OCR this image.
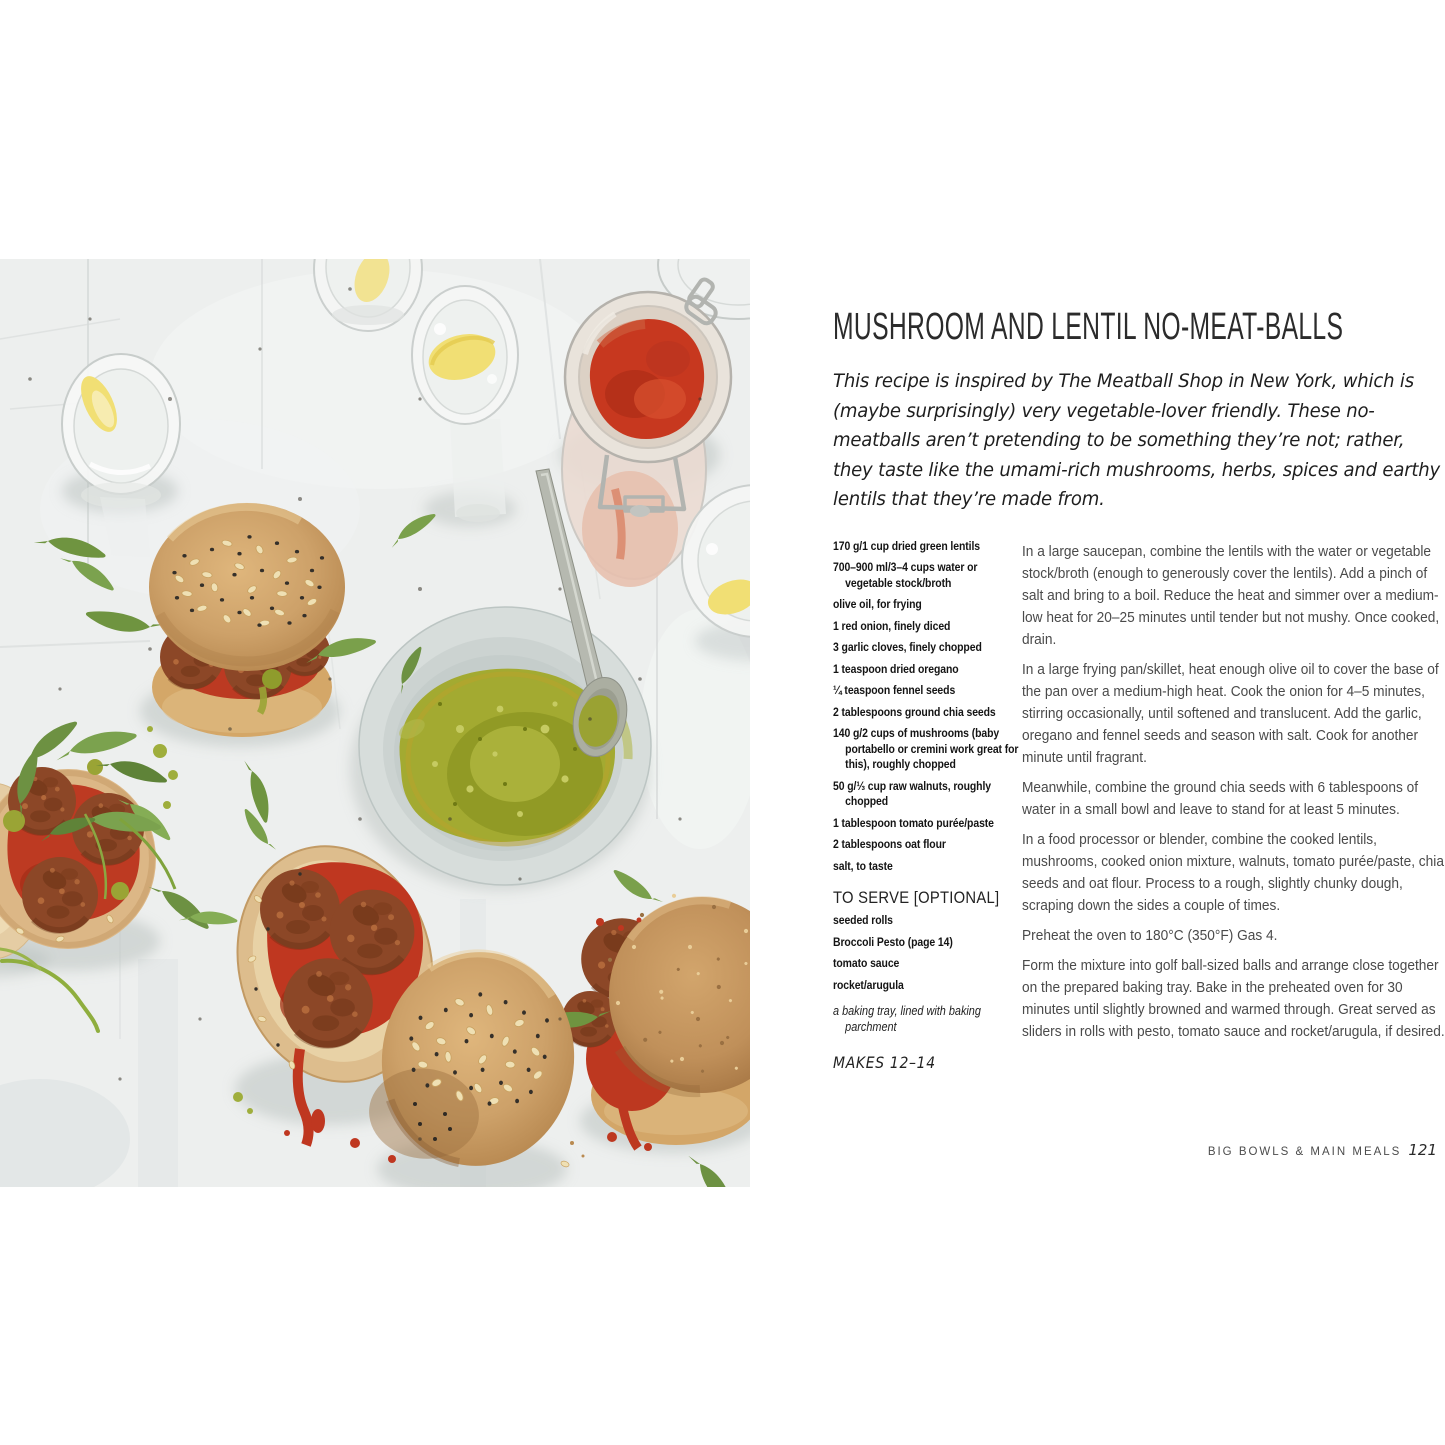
MUSHROOM AND LENTIL NO-MEAT-BALLS

This recipe is inspired by The Meatball Shop in New York, which is (maybe surprisingly) very vegetable-lover friendly. These no-meatballs aren’t pretending to be something they’re not; rather, they taste like the umami-rich mushrooms, herbs, spices and earthy lentils that they’re made from.

170 g/1 cup dried green lentils

700–900 ml/3–4 cups water or vegetable stock/broth

olive oil, for frying

1 red onion, finely diced

3 garlic cloves, finely chopped

1 teaspoon dried oregano

¼ teaspoon fennel seeds

2 tablespoons ground chia seeds

140 g/2 cups of mushrooms (baby portabello or cremini work great for this), roughly chopped

50 g/⅓ cup raw walnuts, roughly chopped

1 tablespoon tomato purée/paste

2 tablespoons oat flour

salt, to taste

TO SERVE [OPTIONAL]

seeded rolls

Broccoli Pesto (page 14)

tomato sauce

rocket/arugula

a baking tray, lined with baking parchment

MAKES 12–14

In a large saucepan, combine the lentils with the water or vegetable stock/broth (enough to generously cover the lentils). Add a pinch of salt and bring to a boil. Reduce the heat and simmer over a medium-low heat for 20–25 minutes until tender but not mushy. Once cooked, drain.

In a large frying pan/skillet, heat enough olive oil to cover the base of the pan over a medium-high heat. Cook the onion for 4–5 minutes, stirring occasionally, until softened and translucent. Add the garlic, oregano and fennel seeds and season with salt. Cook for another minute until fragrant.

Meanwhile, combine the ground chia seeds with 6 tablespoons of water in a small bowl and leave to stand for at least 5 minutes.

In a food processor or blender, combine the cooked lentils, mushrooms, cooked onion mixture, walnuts, tomato purée/paste, chia seeds and oat flour. Process to a rough, slightly chunky dough, scraping down the sides a couple of times.

Preheat the oven to 180°C (350°F) Gas 4.

Form the mixture into golf ball-sized balls and arrange close together on the prepared baking tray. Bake in the preheated oven for 30 minutes until slightly browned and warmed through. Great served as sliders in rolls with pesto, tomato sauce and rocket/arugula, if desired.

BIG BOWLS & MAIN MEALS 121
